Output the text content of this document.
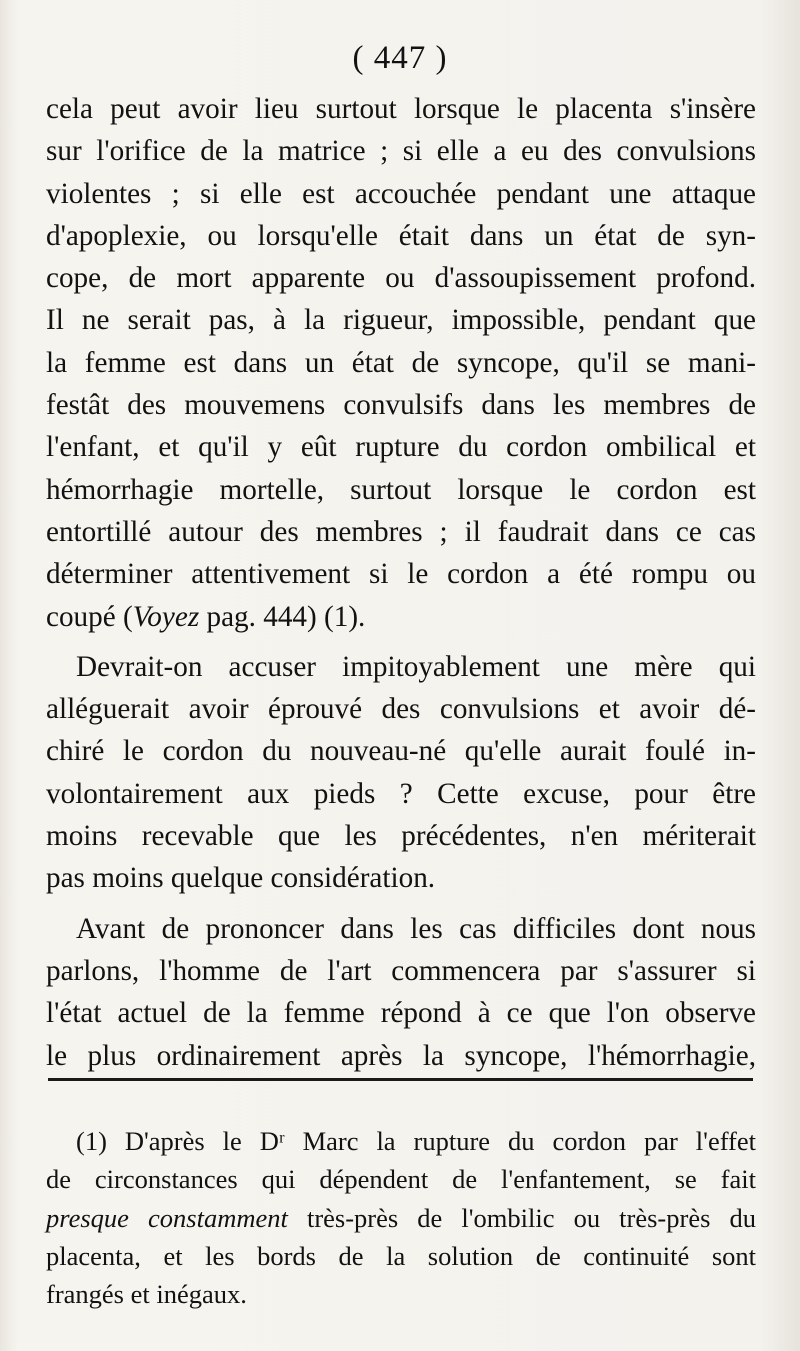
( 447 )
cela peut avoir lieu surtout lorsque le placenta s'insère
sur l'orifice de la matrice ; si elle a eu des convulsions
violentes ; si elle est accouchée pendant une attaque
d'apoplexie, ou lorsqu'elle était dans un état de syn-
cope, de mort apparente ou d'assoupissement profond.
Il ne serait pas, à la rigueur, impossible, pendant que
la femme est dans un état de syncope, qu'il se mani-
festât des mouvemens convulsifs dans les membres de
l'enfant, et qu'il y eût rupture du cordon ombilical et
hémorrhagie mortelle, surtout lorsque le cordon est
entortillé autour des membres ; il faudrait dans ce cas
déterminer attentivement si le cordon a été rompu ou
coupé (Voyez pag. 444) (1).
Devrait-on accuser impitoyablement une mère qui
alléguerait avoir éprouvé des convulsions et avoir dé-
chiré le cordon du nouveau-né qu'elle aurait foulé in-
volontairement aux pieds ? Cette excuse, pour être
moins recevable que les précédentes, n'en mériterait
pas moins quelque considération.
Avant de prononcer dans les cas difficiles dont nous
parlons, l'homme de l'art commencera par s'assurer si
l'état actuel de la femme répond à ce que l'on observe
le plus ordinairement après la syncope, l'hémorrhagie,
(1) D'après le Dʳ Marc la rupture du cordon par l'effet
de circonstances qui dépendent de l'enfantement, se fait
presque constamment très-près de l'ombilic ou très-près du
placenta, et les bords de la solution de continuité sont
frangés et inégaux.
